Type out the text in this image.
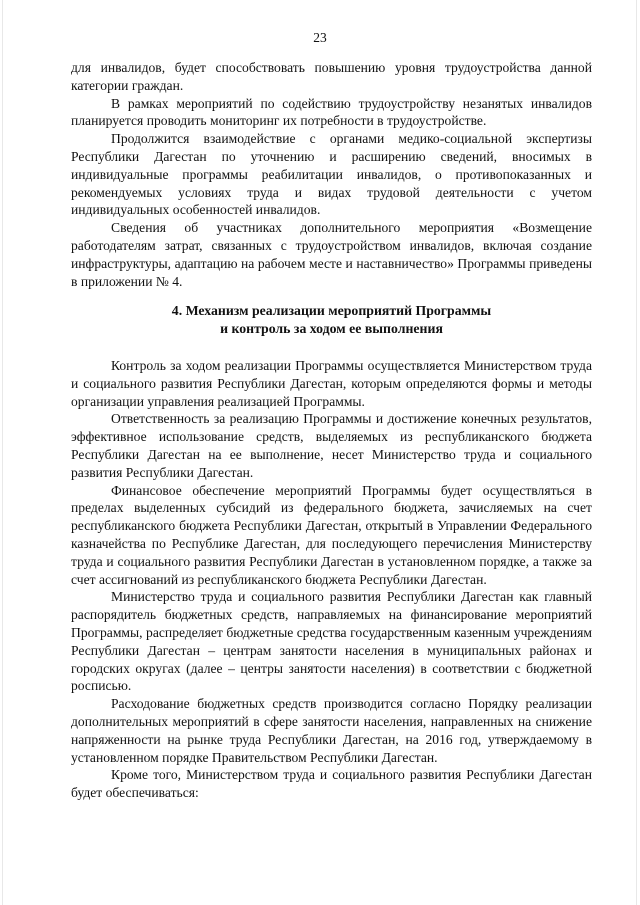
23

для инвалидов, будет способствовать повышению уровня трудоустройства данной категории граждан.

В рамках мероприятий по содействию трудоустройству незанятых инвалидов планируется проводить мониторинг их потребности в трудоустройстве.

Продолжится взаимодействие с органами медико-социальной экспертизы Республики Дагестан по уточнению и расширению сведений, вносимых в индивидуальные программы реабилитации инвалидов, о противопоказанных и рекомендуемых условиях труда и видах трудовой деятельности с учетом индивидуальных особенностей инвалидов.

Сведения об участниках дополнительного мероприятия «Возмещение работодателям затрат, связанных с трудоустройством инвалидов, включая создание инфраструктуры, адаптацию на рабочем месте и наставничество» Программы приведены в приложении № 4.

4. Механизм реализации мероприятий Программы
и контроль за ходом ее выполнения

Контроль за ходом реализации Программы осуществляется Министерством труда и социального развития Республики Дагестан, которым определяются формы и методы организации управления реализацией Программы.

Ответственность за реализацию Программы и достижение конечных результатов, эффективное использование средств, выделяемых из республиканского бюджета Республики Дагестан на ее выполнение, несет Министерство труда и социального развития Республики Дагестан.

Финансовое обеспечение мероприятий Программы будет осуществляться в пределах выделенных субсидий из федерального бюджета, зачисляемых на счет республиканского бюджета Республики Дагестан, открытый в Управлении Федерального казначейства по Республике Дагестан, для последующего перечисления Министерству труда и социального развития Республики Дагестан в установленном порядке, а также за счет ассигнований из республиканского бюджета Республики Дагестан.

Министерство труда и социального развития Республики Дагестан как главный распорядитель бюджетных средств, направляемых на финансирование мероприятий Программы, распределяет бюджетные средства государственным казенным учреждениям Республики Дагестан – центрам занятости населения в муниципальных районах и городских округах (далее – центры занятости населения) в соответствии с бюджетной росписью.

Расходование бюджетных средств производится согласно Порядку реализации дополнительных мероприятий в сфере занятости населения, направленных на снижение напряженности на рынке труда Республики Дагестан, на 2016 год, утверждаемому в установленном порядке Правительством Республики Дагестан.

Кроме того, Министерством труда и социального развития Республики Дагестан будет обеспечиваться:
